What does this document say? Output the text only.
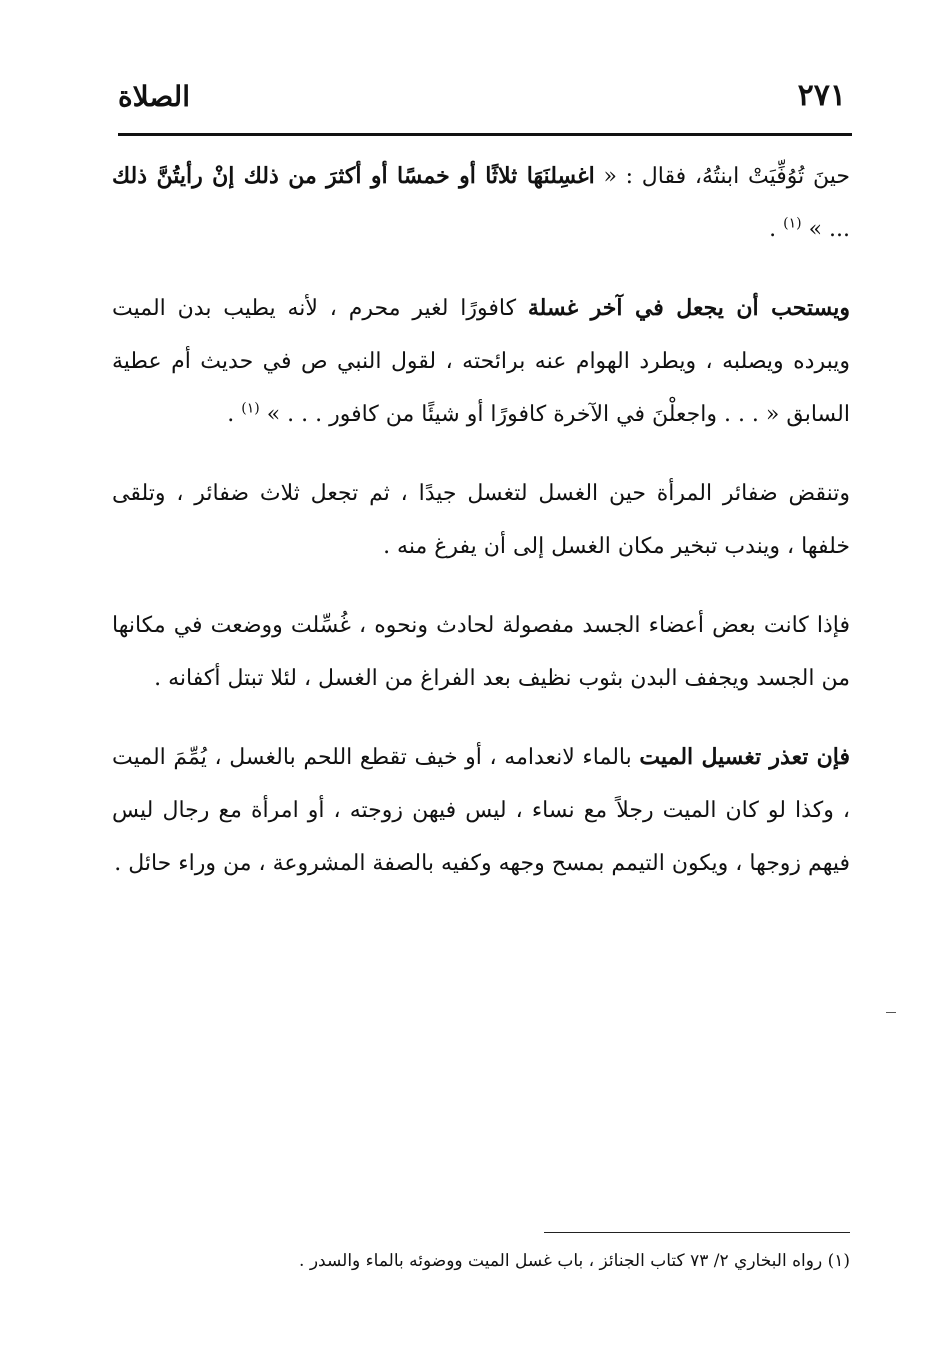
٢٧١
الصلاة

حينَ تُوُفِّيَتْ ابنتُهُ، فقال : « اغسِلنَهَا ثلاثًا أو خمسًا أو أكثرَ من ذلك إنْ رأيتُنَّ ذلك ... » $^{(١)}$ .

ويستحب أن يجعل في آخر غسلة كافورًا لغير محرم ، لأنه يطيب بدن الميت ويبرده ويصلبه ، ويطرد الهوام عنه برائحته ، لقول النبي ص في حديث أم عطية السابق « . . . واجعلْنَ في الآخرة كافورًا أو شيئًا من كافور . . . » $^{(١)}$ .

وتنقض ضفائر المرأة حين الغسل لتغسل جيدًا ، ثم تجعل ثلاث ضفائر ، وتلقى خلفها ، ويندب تبخير مكان الغسل إلى أن يفرغ منه .

فإذا كانت بعض أعضاء الجسد مفصولة لحادث ونحوه ، غُسِّلت ووضعت في مكانها من الجسد ويجفف البدن بثوب نظيف بعد الفراغ من الغسل ، لئلا تبتل أكفانه .

فإن تعذر تغسيل الميت بالماء لانعدامه ، أو خيف تقطع اللحم بالغسل ، يُمِّمَ الميت ، وكذا لو كان الميت رجلاً مع نساء ، ليس فيهن زوجته ، أو امرأة مع رجال ليس فيهم زوجها ، ويكون التيمم بمسح وجهه وكفيه بالصفة المشروعة ، من وراء حائل .

(١) رواه البخاري ٢/ ٧٣ كتاب الجنائز ، باب غسل الميت ووضوئه بالماء والسدر .
